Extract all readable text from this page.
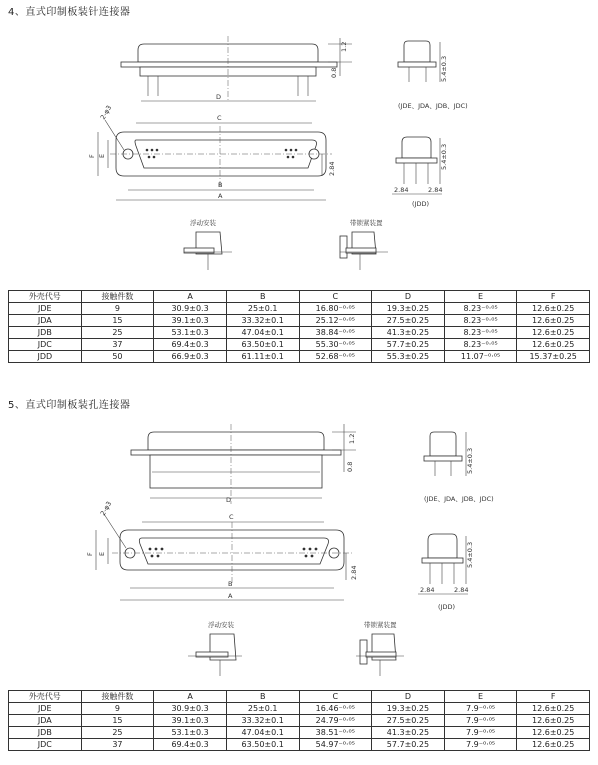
4、直式印制板装针连接器
D
1.2
0.8	5.4±0.3
(JDE、JDA、JDB、JDC)
C
B
A
F E
2-φ3
2.84	5.4±0.3
2.84	2.84
(JDD)
浮动安装	带锁紧装置
外壳代号	接触件数	A	B	C	D	E	F
JDE	9	30.9±0.3	25±0.1	16.80⁻⁰·⁰⁵	19.3±0.25	8.23⁻⁰·⁰⁵	12.6±0.25
JDA	15	39.1±0.3	33.32±0.1	25.12⁻⁰·⁰⁵	27.5±0.25	8.23⁻⁰·⁰⁵	12.6±0.25
JDB	25	53.1±0.3	47.04±0.1	38.84⁻⁰·⁰⁵	41.3±0.25	8.23⁻⁰·⁰⁵	12.6±0.25
JDC	37	69.4±0.3	63.50±0.1	55.30⁻⁰·⁰⁵	57.7±0.25	8.23⁻⁰·⁰⁵	12.6±0.25
JDD	50	66.9±0.3	61.11±0.1	52.68⁻⁰·⁰⁵	55.3±0.25	11.07⁻⁰·⁰⁵	15.37±0.25
5、直式印制板装孔连接器
D
1.2
0.8	5.4±0.3
(JDE、JDA、JDB、JDC)
C
B
A
F E
2-φ3
2.84
5.4±0.3
2.84	2.84
(JDD)
浮动安装	带锁紧装置
外壳代号	接触件数	A	B	C	D	E	F
JDE	9	30.9±0.3	25±0.1	16.46⁻⁰·⁰⁵	19.3±0.25	7.9⁻⁰·⁰⁵	12.6±0.25
JDA	15	39.1±0.3	33.32±0.1	24.79⁻⁰·⁰⁵	27.5±0.25	7.9⁻⁰·⁰⁵	12.6±0.25
JDB	25	53.1±0.3	47.04±0.1	38.51⁻⁰·⁰⁵	41.3±0.25	7.9⁻⁰·⁰⁵	12.6±0.25
JDC	37	69.4±0.3	63.50±0.1	54.97⁻⁰·⁰⁵	57.7±0.25	7.9⁻⁰·⁰⁵	12.6±0.25
